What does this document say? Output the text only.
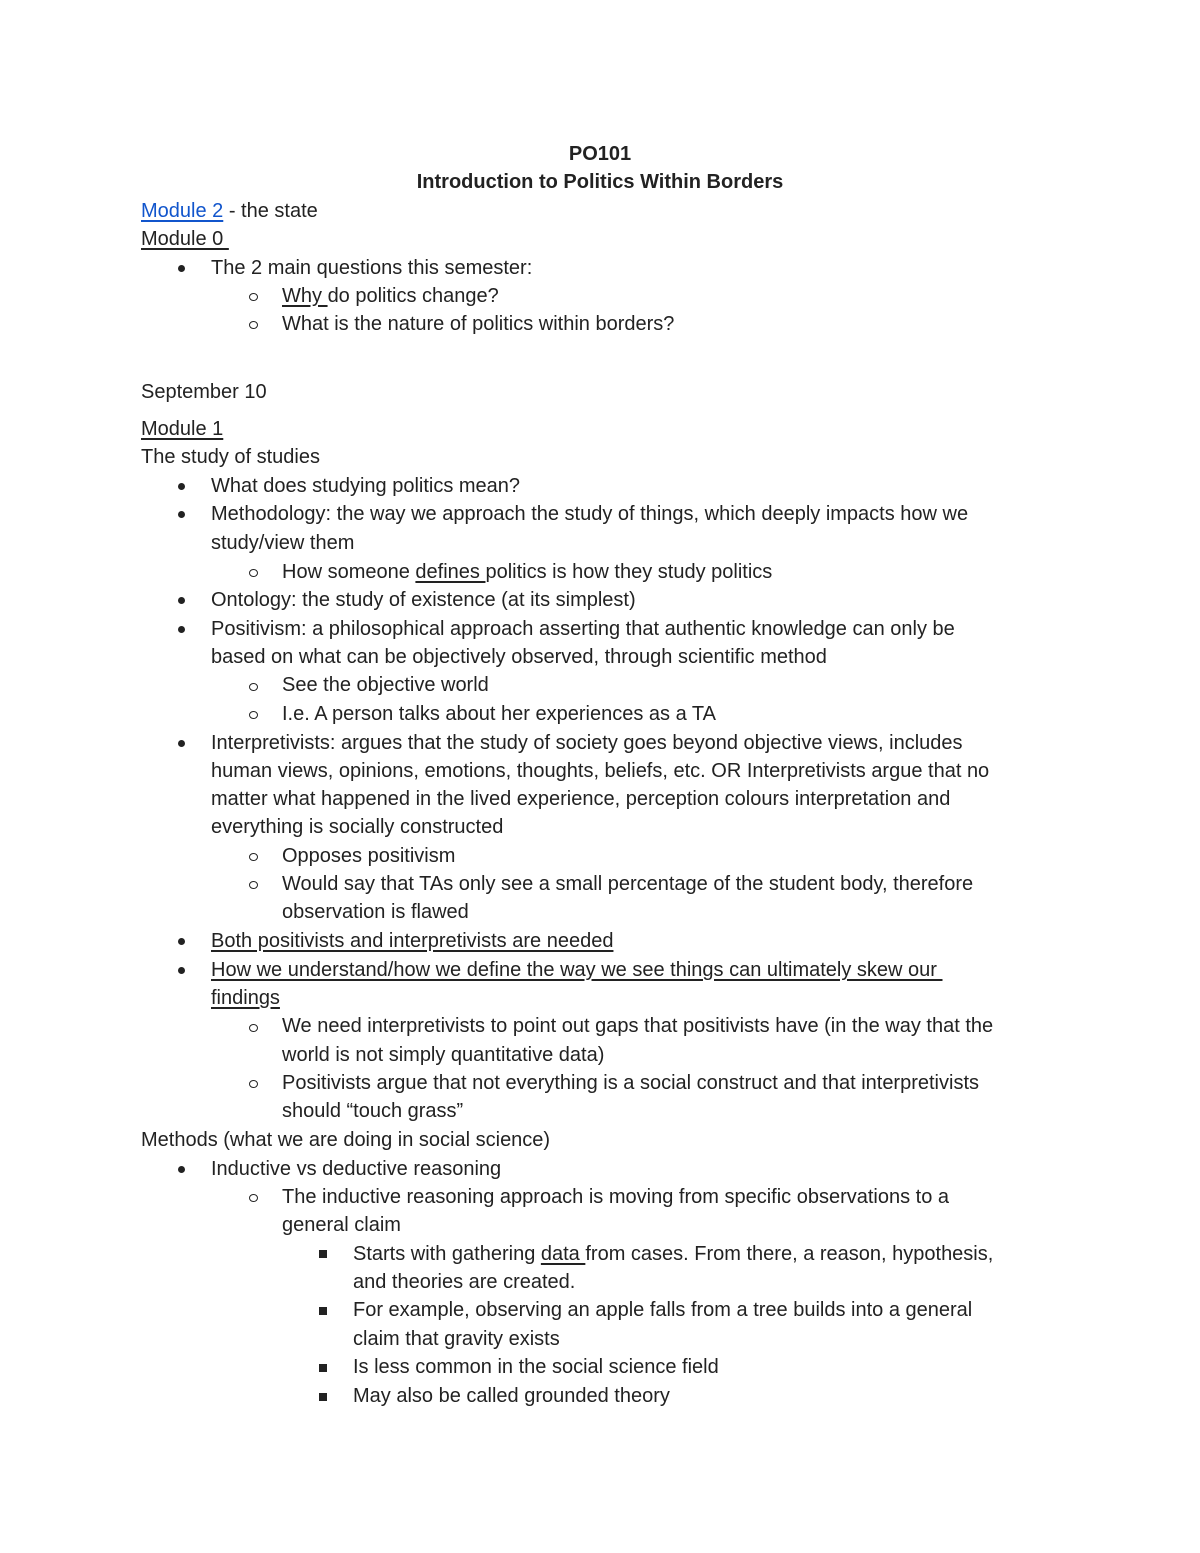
PO101
Introduction to Politics Within Borders
Module 2 - the state
Module 0
The 2 main questions this semester:
Why do politics change?
What is the nature of politics within borders?
September 10
Module 1
The study of studies
What does studying politics mean?
Methodology: the way we approach the study of things, which deeply impacts how we
study/view them
How someone defines politics is how they study politics
Ontology: the study of existence (at its simplest)
Positivism: a philosophical approach asserting that authentic knowledge can only be
based on what can be objectively observed, through scientific method
See the objective world
I.e. A person talks about her experiences as a TA
Interpretivists: argues that the study of society goes beyond objective views, includes
human views, opinions, emotions, thoughts, beliefs, etc. OR Interpretivists argue that no
matter what happened in the lived experience, perception colours interpretation and
everything is socially constructed
Opposes positivism
Would say that TAs only see a small percentage of the student body, therefore
observation is flawed
Both positivists and interpretivists are needed
How we understand/how we define the way we see things can ultimately skew our
findings
We need interpretivists to point out gaps that positivists have (in the way that the
world is not simply quantitative data)
Positivists argue that not everything is a social construct and that interpretivists
should “touch grass”
Methods (what we are doing in social science)
Inductive vs deductive reasoning
The inductive reasoning approach is moving from specific observations to a
general claim
Starts with gathering data from cases. From there, a reason, hypothesis,
and theories are created.
For example, observing an apple falls from a tree builds into a general
claim that gravity exists
Is less common in the social science field
May also be called grounded theory
